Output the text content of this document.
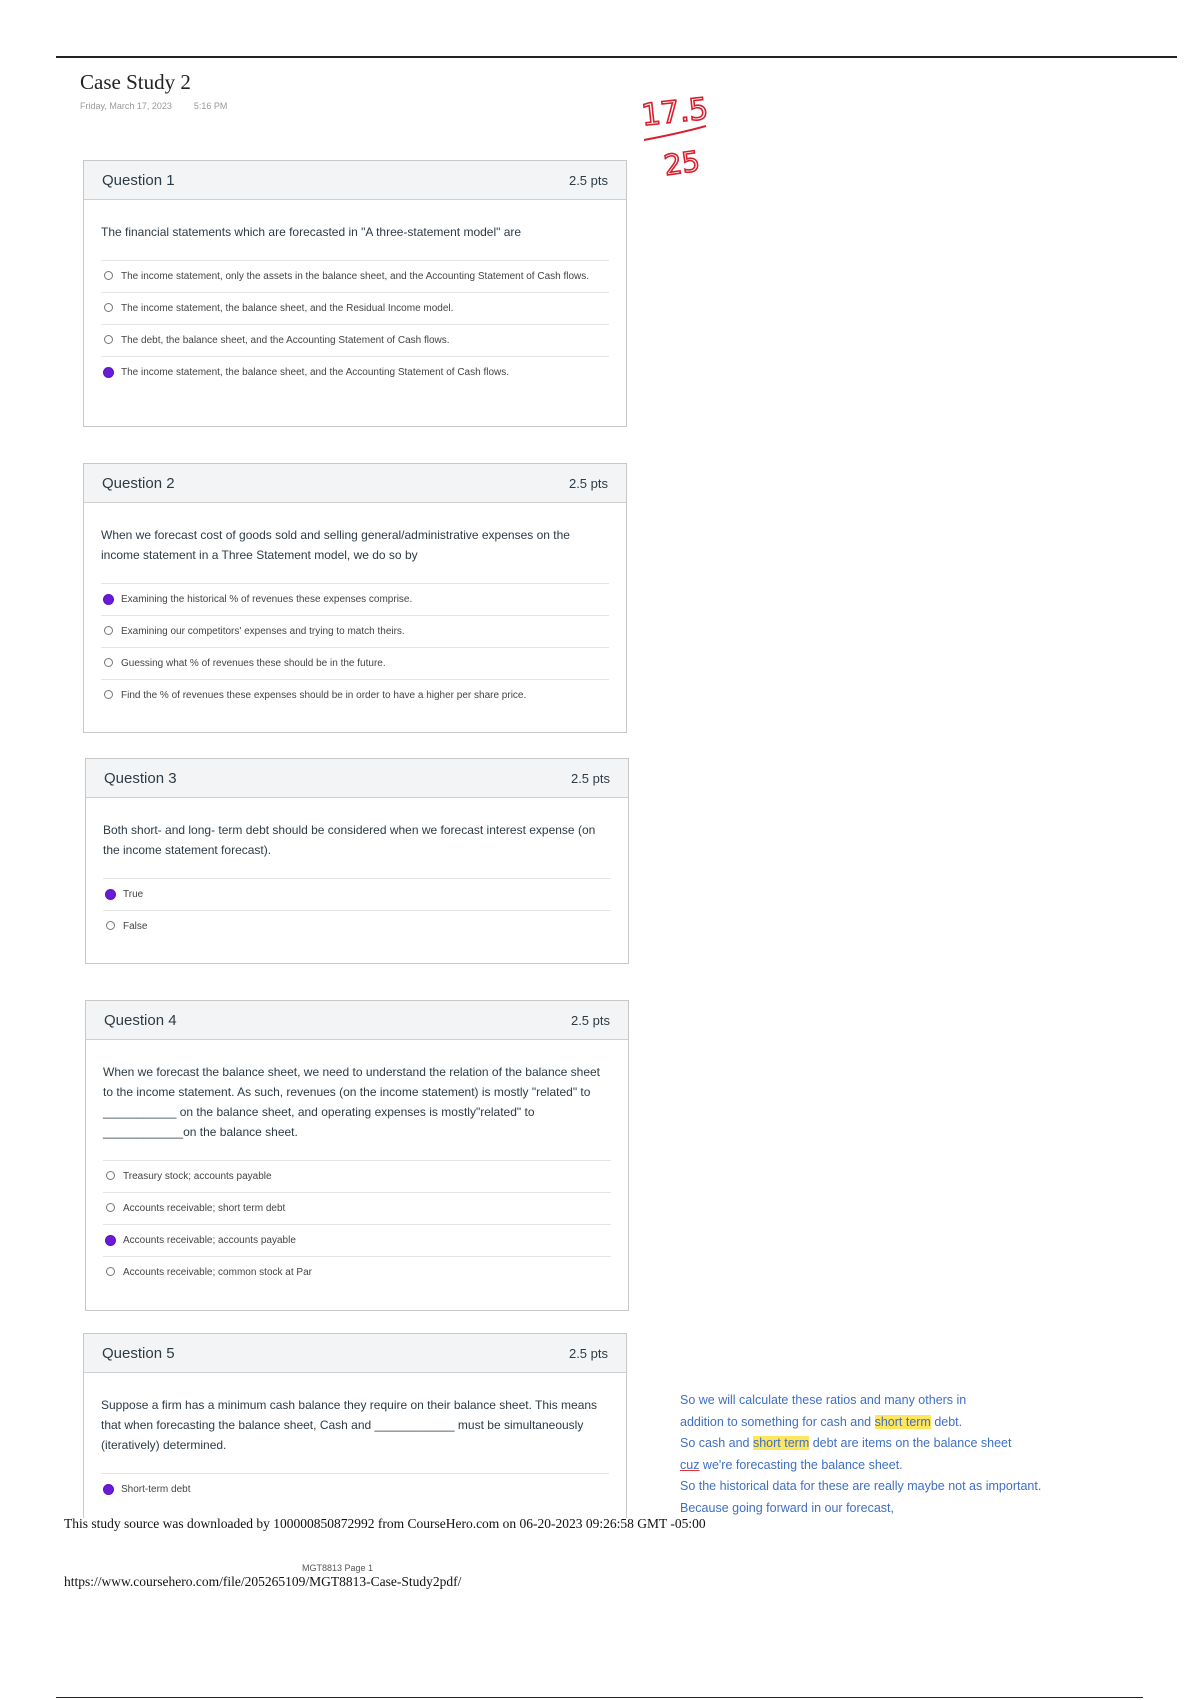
Case Study 2
Friday, March 17, 2023 5:16 PM	17.5
25
Question 1	2.5 pts
The financial statements which are forecasted in "A three-statement model" are
The income statement, only the assets in the balance sheet, and the Accounting Statement of Cash flows.
The income statement, the balance sheet, and the Residual Income model.
The debt, the balance sheet, and the Accounting Statement of Cash flows.
The income statement, the balance sheet, and the Accounting Statement of Cash flows.
Question 2	2.5 pts
When we forecast cost of goods sold and selling general/administrative expenses on the income statement in a Three Statement model, we do so by
Examining the historical % of revenues these expenses comprise.
Examining our competitors' expenses and trying to match theirs.
Guessing what % of revenues these should be in the future.
Find the % of revenues these expenses should be in order to have a higher per share price.
Question 3	2.5 pts
Both short- and long- term debt should be considered when we forecast interest expense (on the income statement forecast).
True
False
Question 4	2.5 pts
When we forecast the balance sheet, we need to understand the relation of the balance sheet to the income statement. As such, revenues (on the income statement) is mostly "related" to ___________ on the balance sheet, and operating expenses is mostly"related" to ____________on the balance sheet.
Treasury stock; accounts payable
Accounts receivable; short term debt
Accounts receivable; accounts payable
Accounts receivable; common stock at Par
Question 5	2.5 pts
Suppose a firm has a minimum cash balance they require on their balance sheet. This means that when forecasting the balance sheet, Cash and ____________ must be simultaneously (iteratively) determined.
Short-term debt
So we will calculate these ratios and many others in
addition to something for cash and short term debt.
So cash and short term debt are items on the balance sheet
cuz we're forecasting the balance sheet.
So the historical data for these are really maybe not as important.
Because going forward in our forecast,
This study source was downloaded by 100000850872992 from CourseHero.com on 06-20-2023 09:26:58 GMT -05:00
MGT8813 Page 1
https://www.coursehero.com/file/205265109/MGT8813-Case-Study2pdf/
